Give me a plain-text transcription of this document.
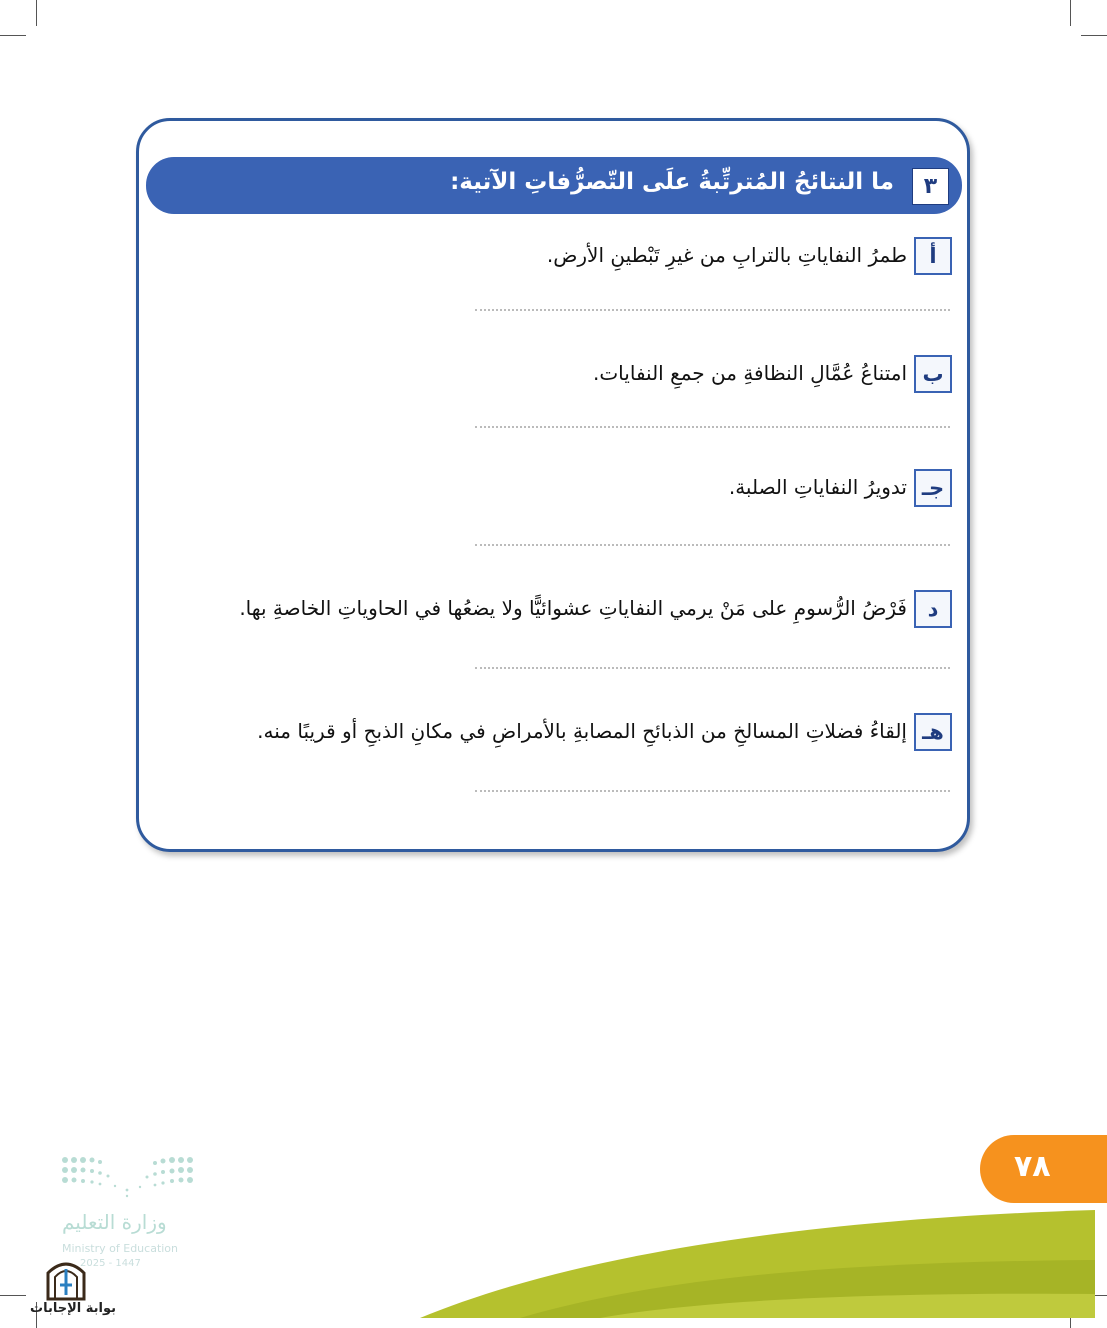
٣
ما النتائجُ المُترتِّبةُ علَى التّصرُّفاتِ الآتية:
أ
طمرُ النفاياتِ بالترابِ من غيرِ تَبْطينِ الأرض.
ب
امتناعُ عُمَّالِ النظافةِ من جمعِ النفايات.
جـ
تدويرُ النفاياتِ الصلبة.
د
فَرْضُ الرُّسومِ على مَنْ يرمي النفاياتِ عشوائيًّا ولا يضعُها في الحاوياتِ الخاصةِ بها.
هـ
إلقاءُ فضلاتِ المسالخِ من الذبائحِ المصابةِ بالأمراضِ في مكانِ الذبحِ أو قريبًا منه.
٧٨
وزارة التعليم
Ministry of Education
2025 - 1447
بوابة الإجابات
